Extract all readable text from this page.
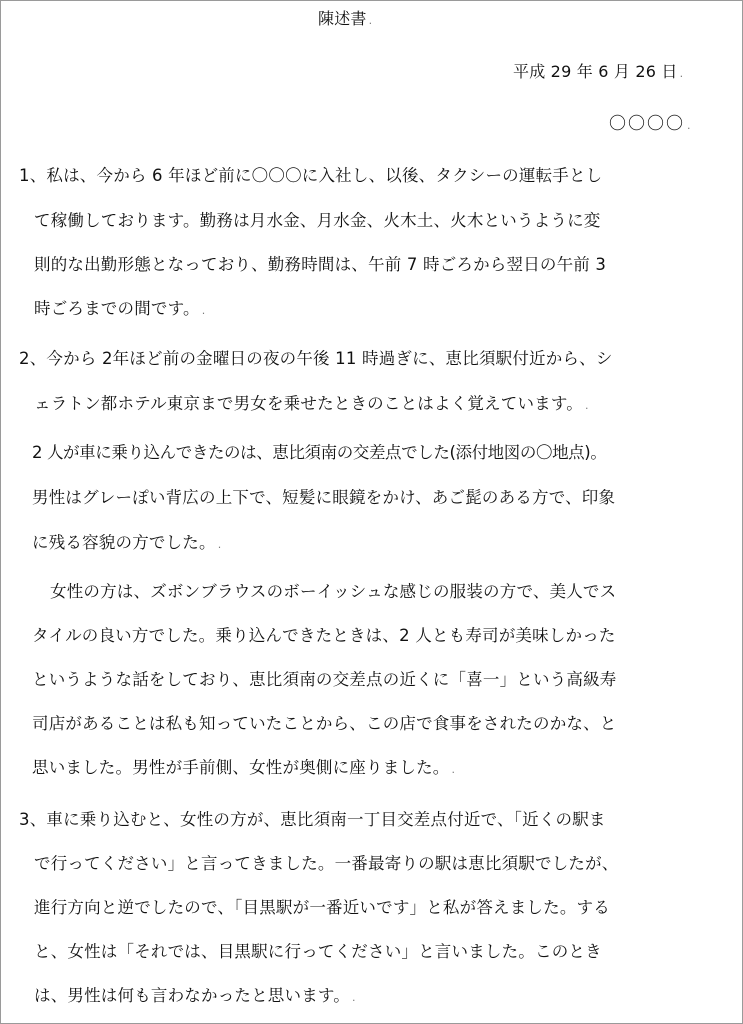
陳述書 .
平成 29 年 6 月 26 日 .
〇〇〇〇 .
1、私は、今から 6 年ほど前に〇〇〇に入社し、以後、タクシーの運転手とし
て稼働しております。勤務は月水金、月水金、火木土、火木というように変
則的な出勤形態となっており、勤務時間は、午前 7 時ごろから翌日の午前 3
時ごろまでの間です。 .
2、今から 2年ほど前の金曜日の夜の午後 11 時過ぎに、恵比須駅付近から、シ
ェラトン都ホテル東京まで男女を乗せたときのことはよく覚えています。 .
2 人が車に乗り込んできたのは、恵比須南の交差点でした(添付地図の〇地点)。
男性はグレーぽい背広の上下で、短髪に眼鏡をかけ、あご髭のある方で、印象
に残る容貌の方でした。 .
女性の方は、ズボンブラウスのボーイッシュな感じの服装の方で、美人でス
タイルの良い方でした。乗り込んできたときは、2 人とも寿司が美味しかった
というような話をしており、恵比須南の交差点の近くに「喜一」という高級寿
司店があることは私も知っていたことから、この店で食事をされたのかな、と
思いました。男性が手前側、女性が奥側に座りました。 .
3、車に乗り込むと、女性の方が、恵比須南一丁目交差点付近で、「近くの駅ま
で行ってください」と言ってきました。一番最寄りの駅は恵比須駅でしたが、
進行方向と逆でしたので、「目黒駅が一番近いです」と私が答えました。する
と、女性は「それでは、目黒駅に行ってください」と言いました。このとき
は、男性は何も言わなかったと思います。 .
